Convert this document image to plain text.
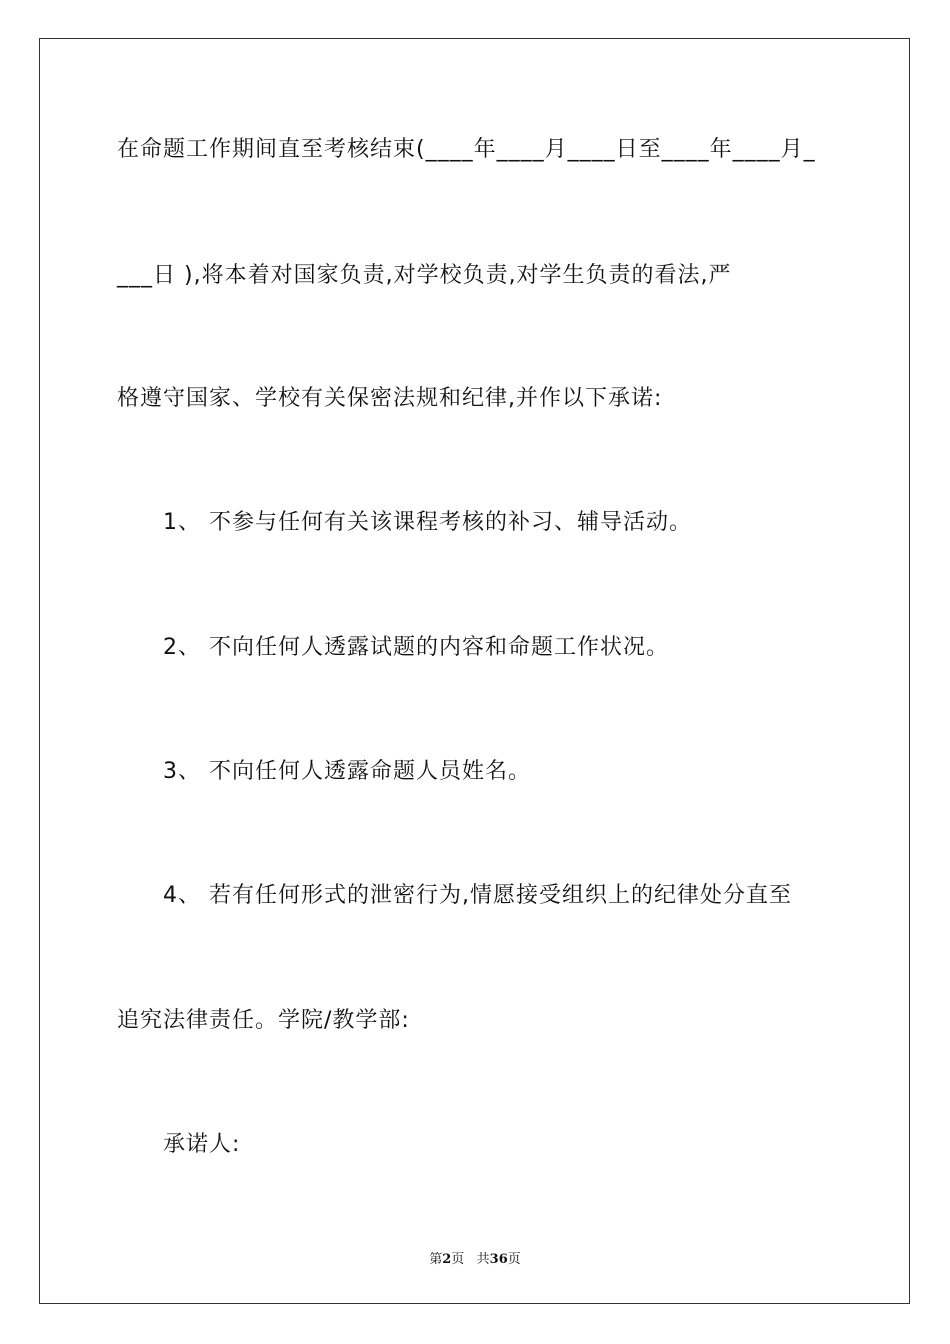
在命题工作期间直至考核结束(____年____月____日至____年____月_
___日 ),将本着对国家负责,对学校负责,对学生负责的看法,严
格遵守国家、学校有关保密法规和纪律,并作以下承诺:
1、 不参与任何有关该课程考核的补习、辅导活动。
2、 不向任何人透露试题的内容和命题工作状况。
3、 不向任何人透露命题人员姓名。
4、 若有任何形式的泄密行为,情愿接受组织上的纪律处分直至
追究法律责任。学院/教学部:
承诺人:
第2页   共36页
